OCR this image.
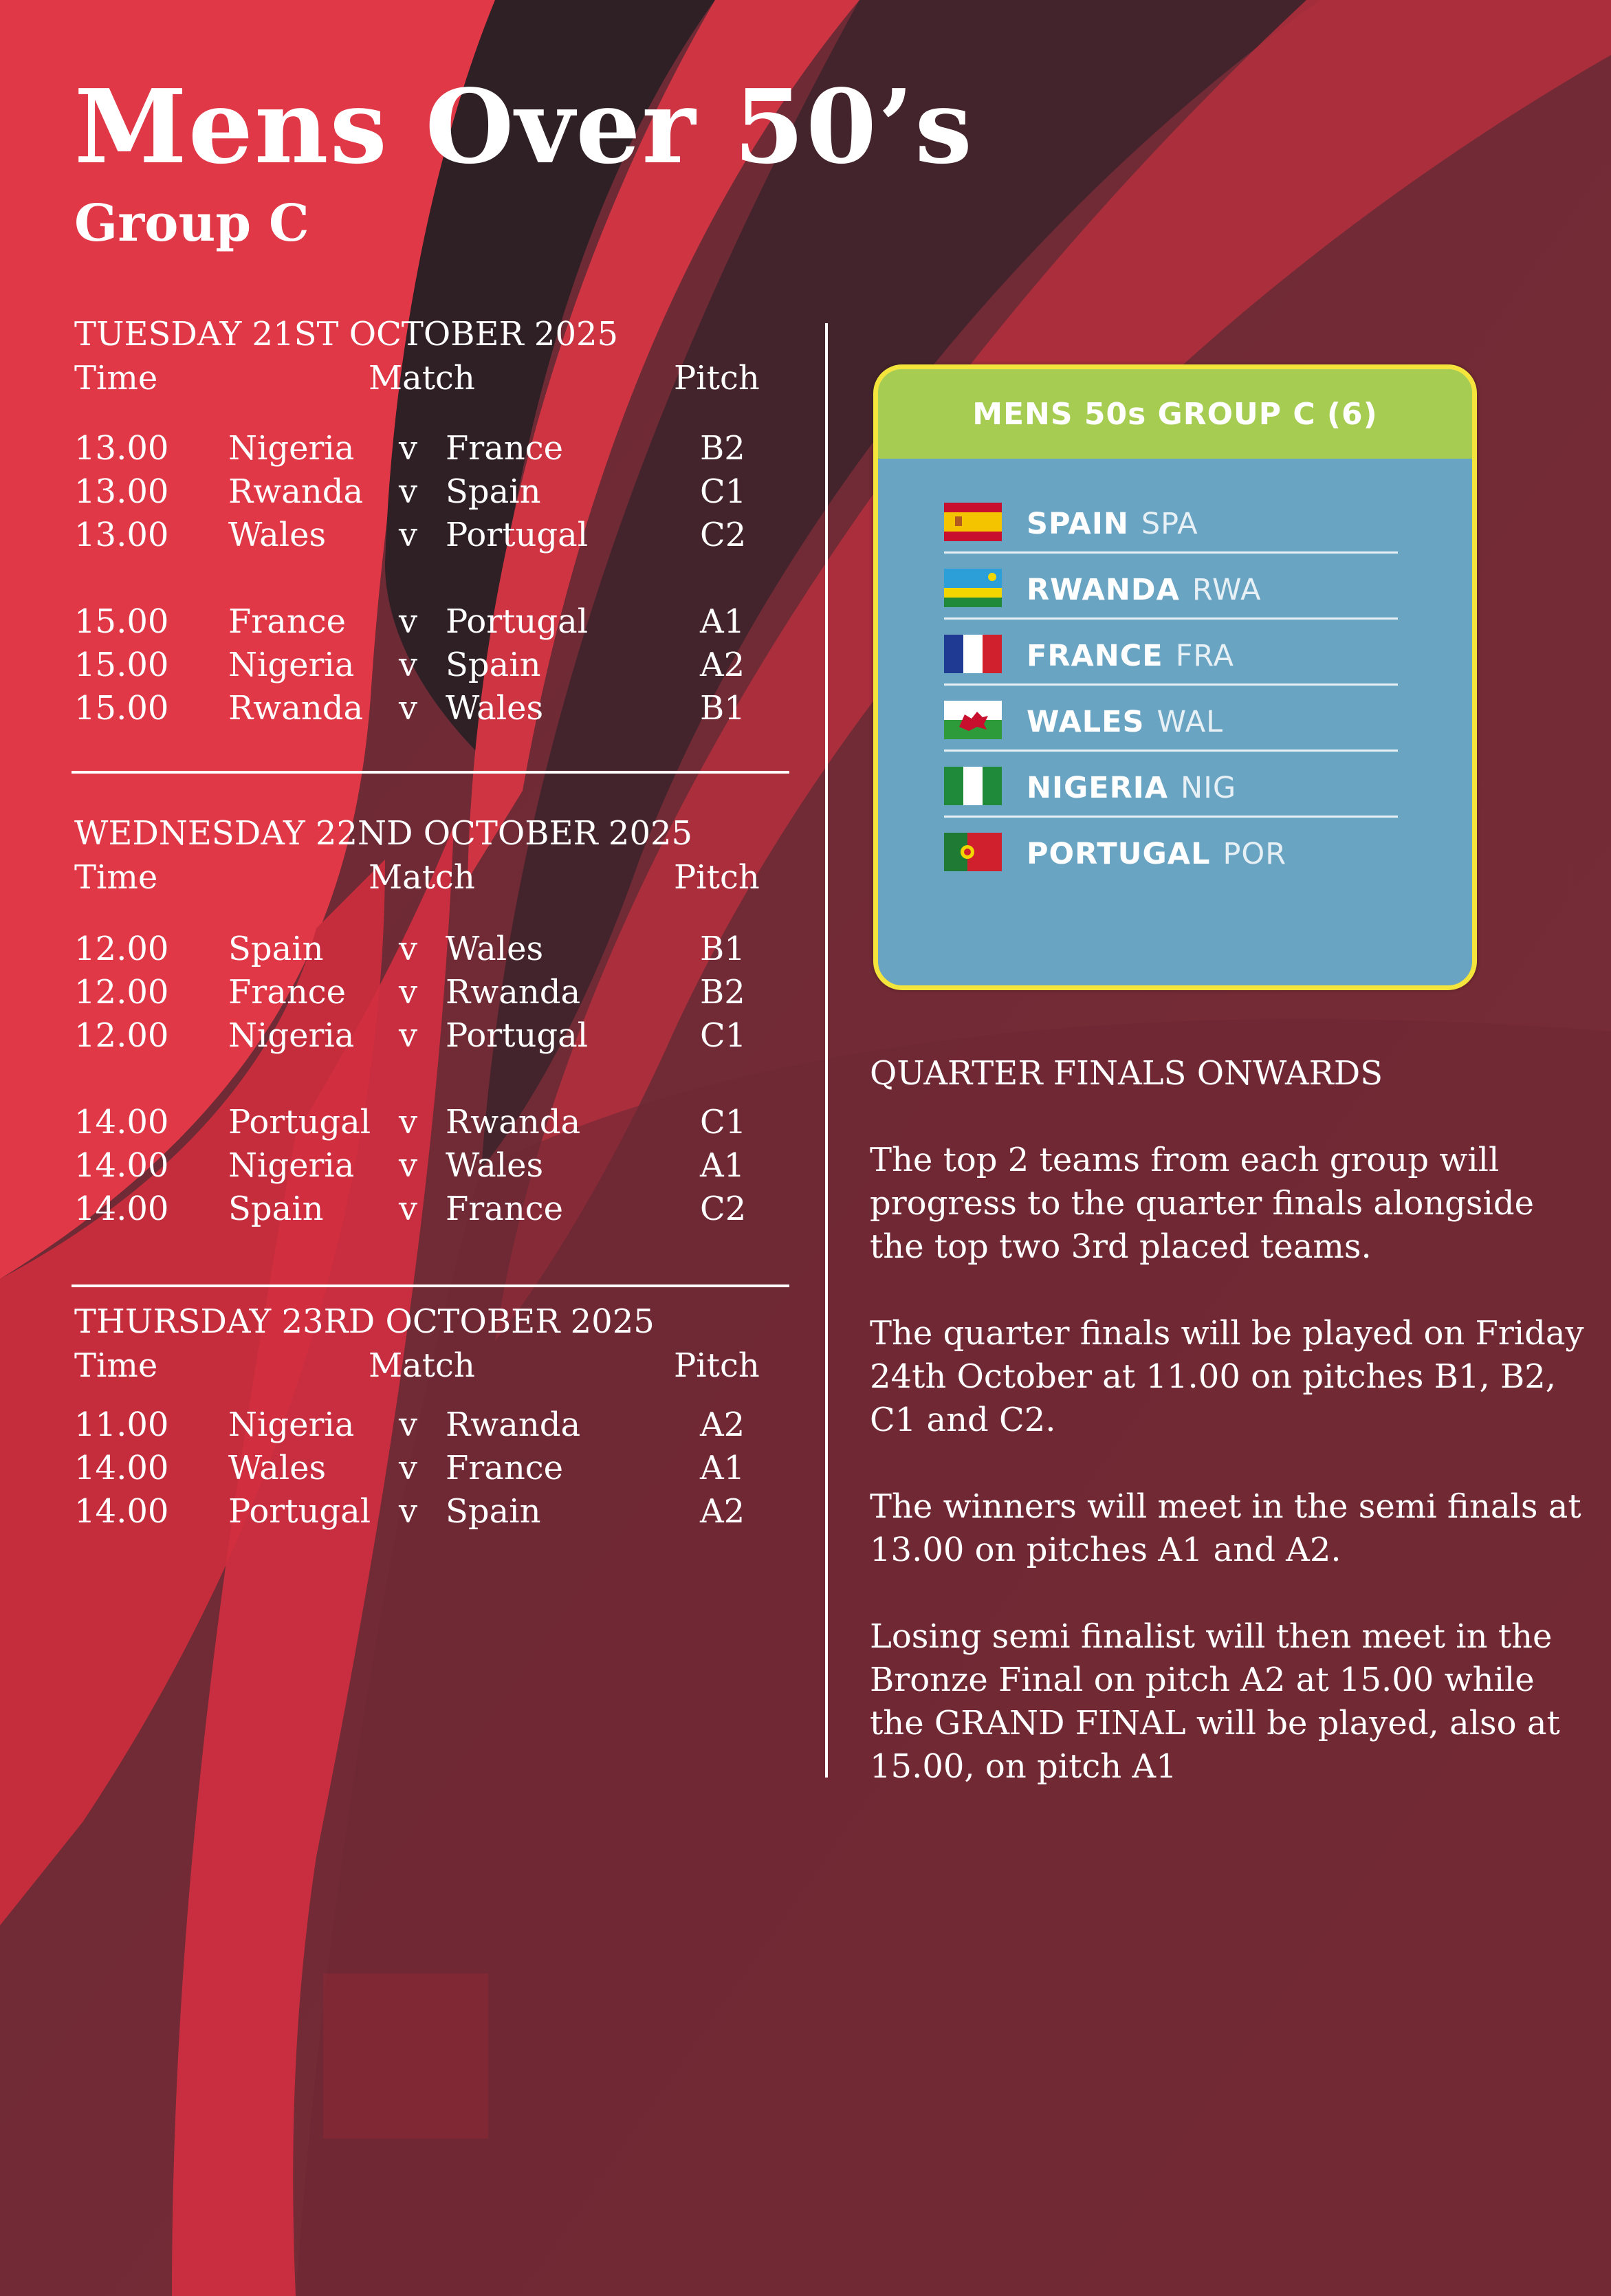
Mens Over 50’s
Group C
TUESDAY 21ST OCTOBER 2025
Time	Match	Pitch
13.00 Nigeria v France	B2
13.00 Rwanda v Spain	C1
13.00 Wales v Portugal	C2
15.00 France v Portugal	A1
15.00 Nigeria v Spain	A2
15.00 Rwanda v Wales	B1
WEDNESDAY 22ND OCTOBER 2025
Time	Match	Pitch
12.00 Spain v Wales	B1
12.00 France v Rwanda	B2
12.00 Nigeria v Portugal	C1
14.00 Portugal v Rwanda	C1
14.00 Nigeria v Wales	A1
14.00 Spain v France	C2
THURSDAY 23RD OCTOBER 2025
Time	Match	Pitch
11.00 Nigeria v Rwanda	A2
14.00 Wales v France	A1
14.00 Portugal v Spain	A2
MENS 50s GROUP C (6)
SPAIN SPA
RWANDA RWA
FRANCE FRA
WALES WAL
NIGERIA NIG
PORTUGAL POR

QUARTER FINALS ONWARDS

The top 2 teams from each group will progress to the quarter finals alongside the top two 3rd placed teams.

The quarter finals will be played on Friday 24th October at 11.00 on pitches B1, B2, C1 and C2.

The winners will meet in the semi finals at 13.00 on pitches A1 and A2.

Losing semi finalist will then meet in the Bronze Final on pitch A2 at 15.00 while the GRAND FINAL will be played, also at 15.00, on pitch A1
